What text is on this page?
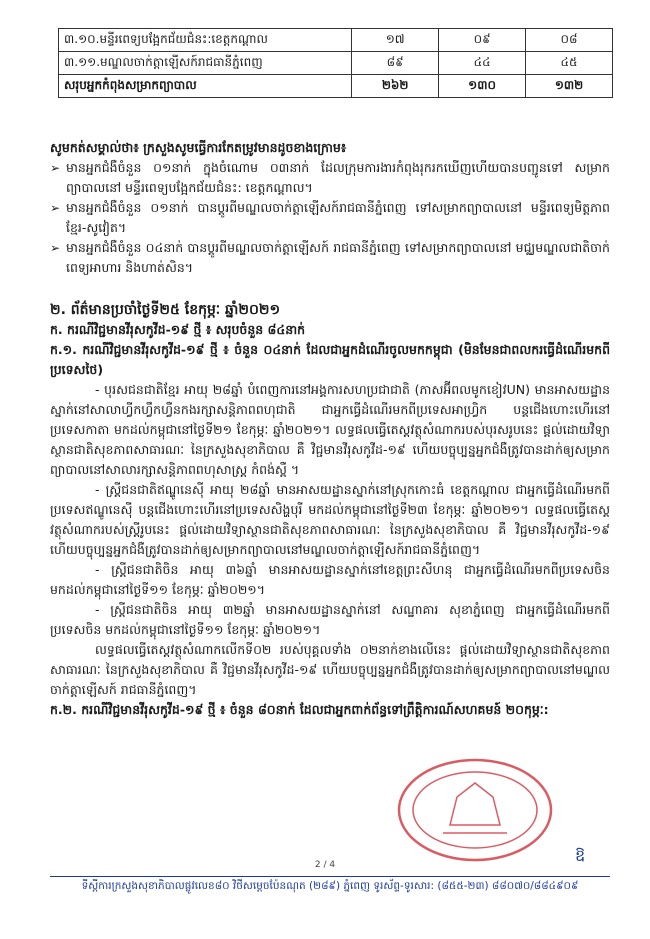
៣.១០.មន្ទីរពេទ្យបង្អែកជ័យជំនះ:ខេត្តកណ្តាល	១៧	០៩	០៨
៣.១១.មណ្ឌលចាក់ត្តាឡើសក៍រាជធានីភ្នំពេញ	៨៩	៤៤	៤៥
សរុបអ្នកកំពុងសម្រាកព្យាបាល	២៦២	១៣០	១៣២
សូមកត់សម្គាល់ថា៖ ក្រសួងសូមធ្វើការកែតម្រូវមានដូចខាងក្រោម៖
➢ មានអ្នកជំងឺចំនួន ០១នាក់ ក្នុងចំណោម ០៣នាក់ ដែលក្រុមការងារកំពុងរុករកឃើញហើយបានបញ្ជូនទៅ សម្រាកព្យាបាលនៅ មន្ទីរពេទ្យបង្អែកជ័យជំនះ: ខេត្តកណ្តាល។
➢ មានអ្នកជំងឺចំនួន ០១នាក់ បានប្តូរពីមណ្ឌលចាក់ត្តាឡើសក៍រាជធានីភ្នំពេញ ទៅសម្រាកព្យាបាលនៅ មន្ទីរពេទ្យមិត្តភាពខ្មែរ-សូវៀត។
➢ មានអ្នកជំងឺចំនួន ០៤នាក់ បានប្តូរពីមណ្ឌលចាក់ត្តាឡើសក៍ រាជធានីភ្នំពេញ ទៅសម្រាកព្យាបាលនៅ មជ្ឈមណ្ឌលជាតិចាក់ពេទ្យអាហារ និងហាត់សិន។
២. ព័ត៌មានប្រចាំថ្ងៃទី២៥ ខែកុម្ភៈ ឆ្នាំ២០២១
ក. ករណីវិជ្ជមានវីរុសកូវីដ-១៩ ថ្មី ៖ សរុបចំនួន ៨៤នាក់
ក.១. ករណីវិជ្ជមានវីរុសកូវីដ-១៩ ថ្មី ៖ ចំនួន ០៤នាក់ ដែលជាអ្នកដំណើរចូលមកកម្ពុជា (មិនមែនជាពលករធ្វើដំណើរមកពីប្រទេសថៃ)
- បុរសជនជាតិខ្មែរ អាយុ ២៨ឆ្នាំ បំពេញការនៅអង្គការសហប្រជាជាតិ (ភាសអ៊ីពលមូកខៀវUN) មានអាសយដ្ឋានស្នាក់នៅសាលាហ្វីកហ្វឹកហ្វឺនកងរក្សាសន្តិភាពពហុជាតិ ជាអ្នកធ្វើដំណើរមកពីប្រទេសអាហ្វ្រិក បន្តជើងហោះហើរនៅប្រទេសកាតា មកដល់កម្ពុជានៅថ្ងៃទី២១ ខែកុម្ភៈ ឆ្នាំ២០២១។ លទ្ធផលធ្វើតេស្តវត្ថុសំណាករបស់បុរសរូបនេះ ផ្តល់ដោយវិទ្យាស្ថានជាតិសុខភាពសាធារណៈ នៃក្រសួងសុខាភិបាល គឺ វិជ្ជមានវីរុសកូវីដ-១៩ ហើយបច្ចុប្បន្នអ្នកជំងឺត្រូវបានដាក់ឲ្យសម្រាកព្យាបាលនៅសាលារក្សាសន្តិភាពពហុសាស្ត្រ កំពង់ស្ពឺ ។
- ស្ត្រីជនជាតិឥណ្ឌូនេស៊ី អាយុ ២៨ឆ្នាំ មានអាសយដ្ឋានស្នាក់នៅស្រុកកោះធំ ខេត្តកណ្តាល ជាអ្នកធ្វើដំណើរមកពីប្រទេសឥណ្ឌូនេស៊ី បន្តជើងហោះហើរនៅប្រទេសសិង្ហបុរី មកដល់កម្ពុជានៅថ្ងៃទី២៣ ខែកុម្ភៈ ឆ្នាំ២០២១។ លទ្ធផលធ្វើតេស្តវត្ថុសំណាករបស់ស្ត្រីរូបនេះ ផ្តល់ដោយវិទ្យាស្ថានជាតិសុខភាពសាធារណៈ នៃក្រសួងសុខាភិបាល គឺ វិជ្ជមានវីរុសកូវីដ-១៩ ហើយបច្ចុប្បន្នអ្នកជំងឺត្រូវបានដាក់ឲ្យសម្រាកព្យាបាលនៅមណ្ឌលចាក់ត្តាឡើសក៍រាជធានីភ្នំពេញ។
- ស្ត្រីជនជាតិចិន អាយុ ៣៦ឆ្នាំ មានអាសយដ្ឋានស្នាក់នៅខេត្តព្រះសីហនុ ជាអ្នកធ្វើដំណើរមកពីប្រទេសចិន មកដល់កម្ពុជានៅថ្ងៃទី១១ ខែកុម្ភៈ ឆ្នាំ២០២១។
- ស្ត្រីជនជាតិចិន អាយុ ៣២ឆ្នាំ មានអាសយដ្ឋានស្នាក់នៅ សណ្ឋាគារ សុខាភ្នំពេញ ជាអ្នកធ្វើដំណើរមកពីប្រទេសចិន មកដល់កម្ពុជានៅថ្ងៃទី១១ ខែកុម្ភៈ ឆ្នាំ២០២១។
លទ្ធផលធ្វើតេស្តវត្ថុសំណាកលើកទី០២ របស់បុគ្គលទាំង ០២នាក់ខាងលើនេះ ផ្តល់ដោយវិទ្យាស្ថានជាតិសុខភាពសាធារណៈ នៃក្រសួងសុខាភិបាល គឺ វិជ្ជមានវីរុសកូវីដ-១៩ ហើយបច្ចុប្បន្នអ្នកជំងឺត្រូវបានដាក់ឲ្យសម្រាកព្យាបាលនៅមណ្ឌលចាក់ត្តាឡើសក៍ រាជធានីភ្នំពេញ។
ក.២. ករណីវិជ្ជមានវីរុសកូវីដ-១៩ ថ្មី ៖ ចំនួន ៨០នាក់ ដែលជាអ្នកពាក់ព័ន្ធទៅព្រឹត្តិការណ៍សហគមន៍ ២០កុម្ភៈ:
ឱ
2 / 4
ទីស្តីការក្រសួងសុខាភិបាលផ្លូវលេខ៨០ វិថីសម្តេចប៉ែនណុត (២៨៩) ភ្នំពេញ ទូរស័ព្ទ-ទូរសារ: (៨៥៥-២៣) ៨៨០៧០/៨៨៤៩០៩
